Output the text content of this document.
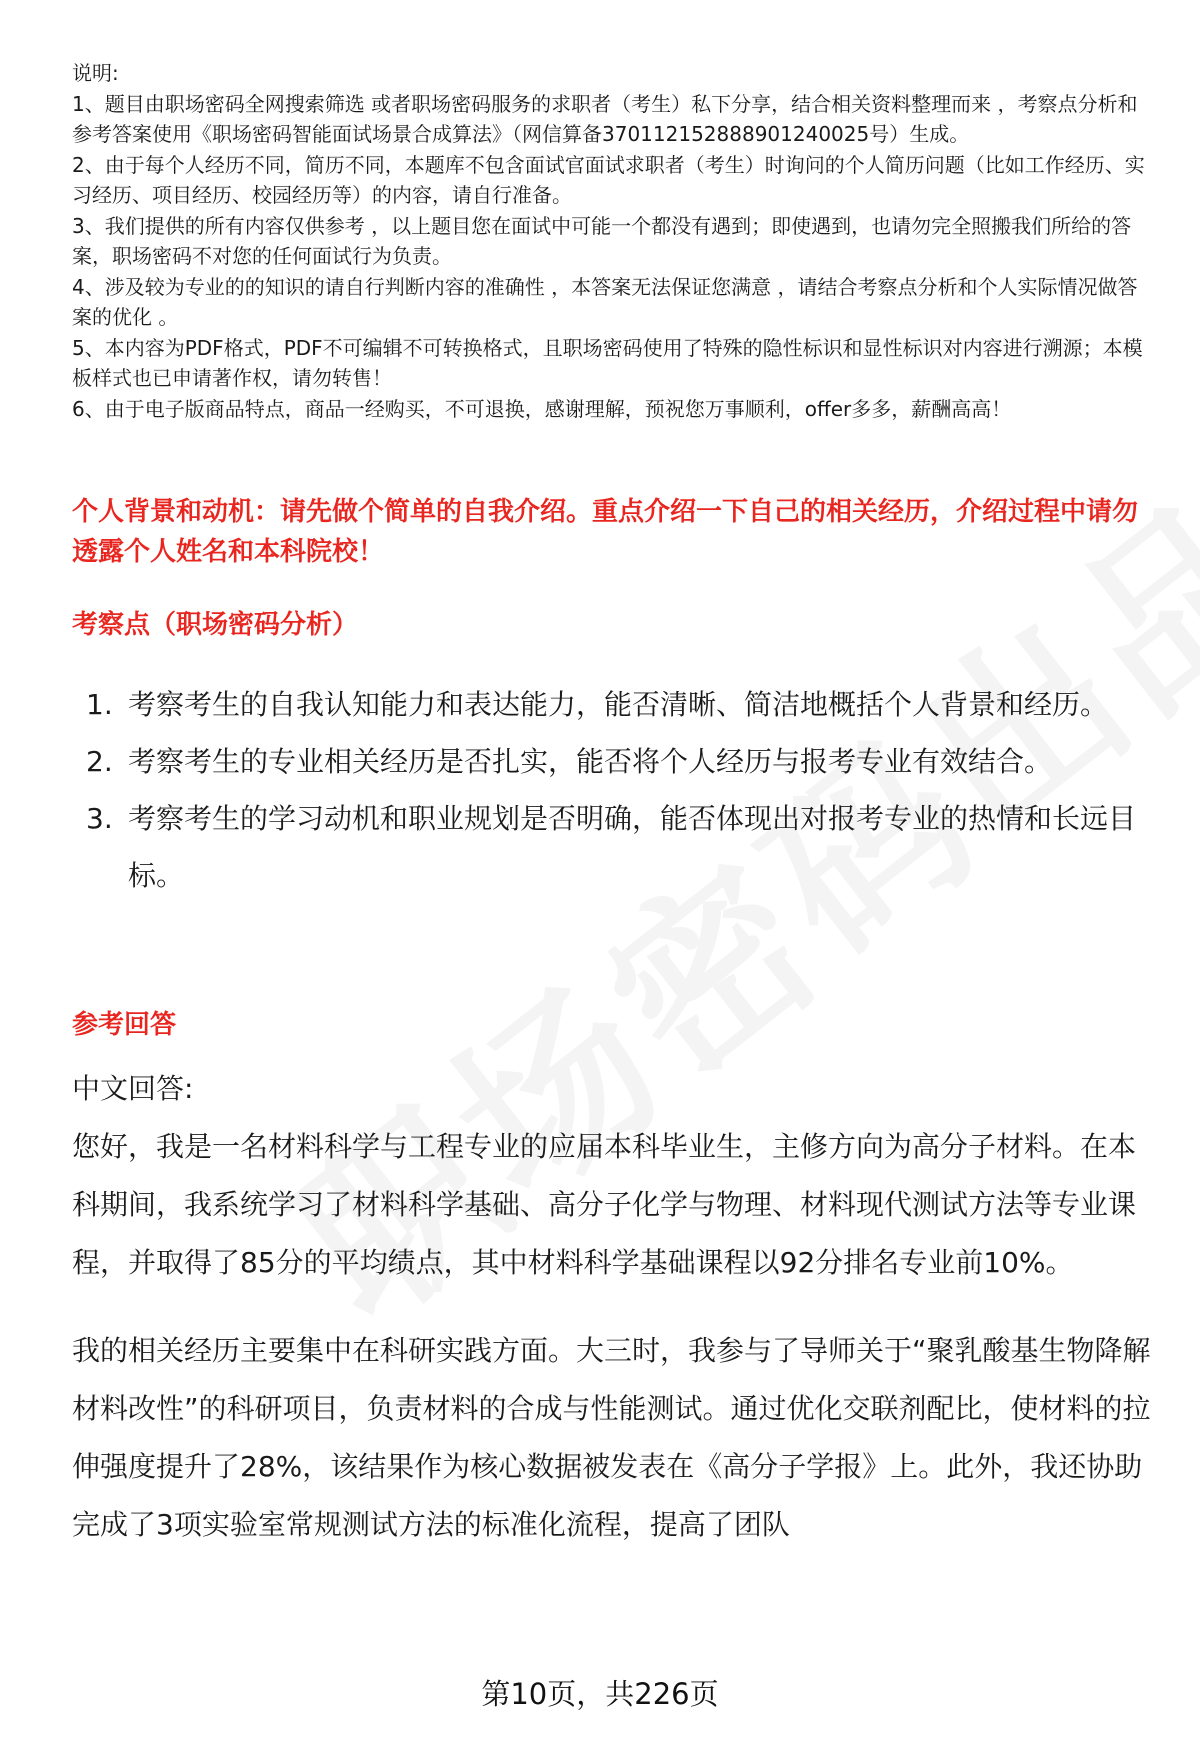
说明:

1、题目由职场密码全网搜索筛选 或者职场密码服务的求职者（考生）私下分享，结合相关资料整理而来 ，考察点分析和参考答案使用《职场密码智能面试场景合成算法》（网信算备370112152888901240025号）生成。

2、由于每个人经历不同，简历不同，本题库不包含面试官面试求职者（考生）时询问的个人简历问题（比如工作经历、实习经历、项目经历、校园经历等）的内容，请自行准备。

3、我们提供的所有内容仅供参考 ，以上题目您在面试中可能一个都没有遇到；即使遇到，也请勿完全照搬我们所给的答案，职场密码不对您的任何面试行为负责。

4、涉及较为专业的的知识的请自行判断内容的准确性 ，本答案无法保证您满意 ，请结合考察点分析和个人实际情况做答案的优化 。

5、本内容为PDF格式，PDF不可编辑不可转换格式，且职场密码使用了特殊的隐性标识和显性标识对内容进行溯源；本模板样式也已申请著作权，请勿转售！

6、由于电子版商品特点，商品一经购买，不可退换，感谢理解，预祝您万事顺利，offer多多，薪酬高高！

个人背景和动机：请先做个简单的自我介绍。重点介绍一下自己的相关经历，介绍过程中请勿透露个人姓名和本科院校！

考察点（职场密码分析）

1. 考察考生的自我认知能力和表达能力，能否清晰、简洁地概括个人背景和经历。
2. 考察考生的专业相关经历是否扎实，能否将个人经历与报考专业有效结合。
3. 考察考生的学习动机和职业规划是否明确，能否体现出对报考专业的热情和长远目标。

参考回答

中文回答:

您好，我是一名材料科学与工程专业的应届本科毕业生，主修方向为高分子材料。在本科期间，我系统学习了材料科学基础、高分子化学与物理、材料现代测试方法等专业课程，并取得了85分的平均绩点，其中材料科学基础课程以92分排名专业前10%。

我的相关经历主要集中在科研实践方面。大三时，我参与了导师关于“聚乳酸基生物降解材料改性”的科研项目，负责材料的合成与性能测试。通过优化交联剂配比，使材料的拉伸强度提升了28%，该结果作为核心数据被发表在《高分子学报》上。此外，我还协助完成了3项实验室常规测试方法的标准化流程，提高了团队

第10页，共226页
